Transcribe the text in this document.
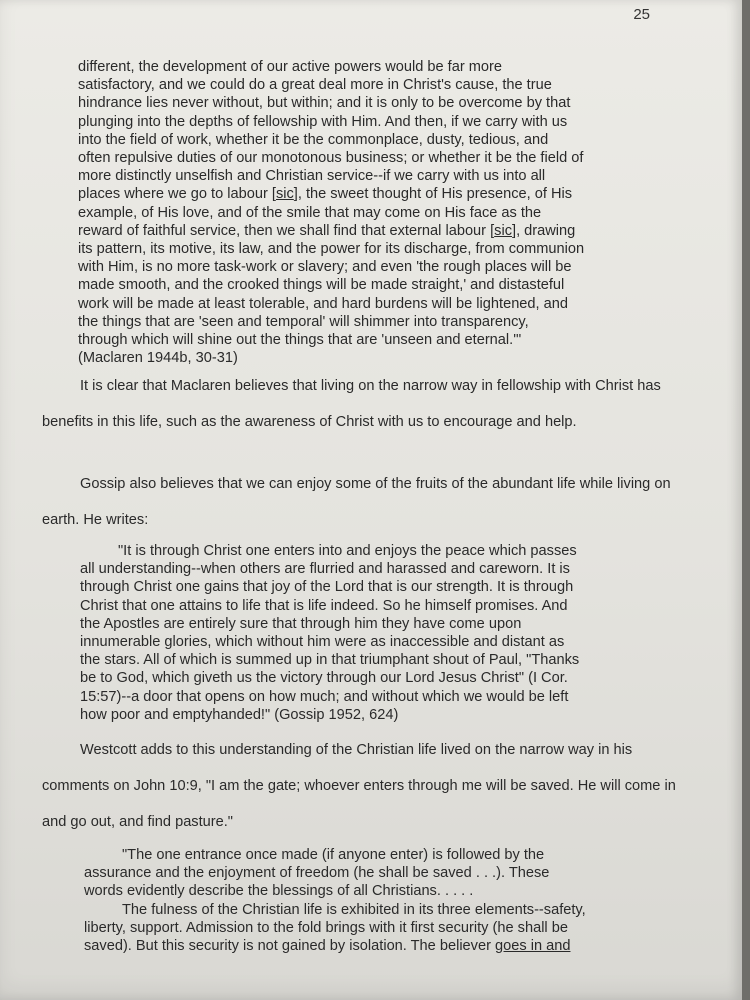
25

different, the development of our active powers would be far more
satisfactory, and we could do a great deal more in Christ's cause, the true
hindrance lies never without, but within; and it is only to be overcome by that
plunging into the depths of fellowship with Him. And then, if we carry with us
into the field of work, whether it be the commonplace, dusty, tedious, and
often repulsive duties of our monotonous business; or whether it be the field of
more distinctly unselfish and Christian service--if we carry with us into all
places where we go to labour [sic], the sweet thought of His presence, of His
example, of His love, and of the smile that may come on His face as the
reward of faithful service, then we shall find that external labour [sic], drawing
its pattern, its motive, its law, and the power for its discharge, from communion
with Him, is no more task-work or slavery; and even 'the rough places will be
made smooth, and the crooked things will be made straight,' and distasteful
work will be made at least tolerable, and hard burdens will be lightened, and
the things that are 'seen and temporal' will shimmer into transparency,
through which will shine out the things that are 'unseen and eternal.'"
(Maclaren 1944b, 30-31)

It is clear that Maclaren believes that living on the narrow way in fellowship with Christ has benefits in this life, such as the awareness of Christ with us to encourage and help.

Gossip also believes that we can enjoy some of the fruits of the abundant life while living on earth. He writes:

"It is through Christ one enters into and enjoys the peace which passes
all understanding--when others are flurried and harassed and careworn. It is
through Christ one gains that joy of the Lord that is our strength. It is through
Christ that one attains to life that is life indeed. So he himself promises. And
the Apostles are entirely sure that through him they have come upon
innumerable glories, which without him were as inaccessible and distant as
the stars. All of which is summed up in that triumphant shout of Paul, "Thanks
be to God, which giveth us the victory through our Lord Jesus Christ" (I Cor.
15:57)--a door that opens on how much; and without which we would be left
how poor and emptyhanded!" (Gossip 1952, 624)

Westcott adds to this understanding of the Christian life lived on the narrow way in his comments on John 10:9, "I am the gate; whoever enters through me will be saved. He will come in and go out, and find pasture."

"The one entrance once made (if anyone enter) is followed by the
assurance and the enjoyment of freedom (he shall be saved . . .). These
words evidently describe the blessings of all Christians. . . . .
The fulness of the Christian life is exhibited in its three elements--safety,
liberty, support. Admission to the fold brings with it first security (he shall be
saved). But this security is not gained by isolation. The believer goes in and
